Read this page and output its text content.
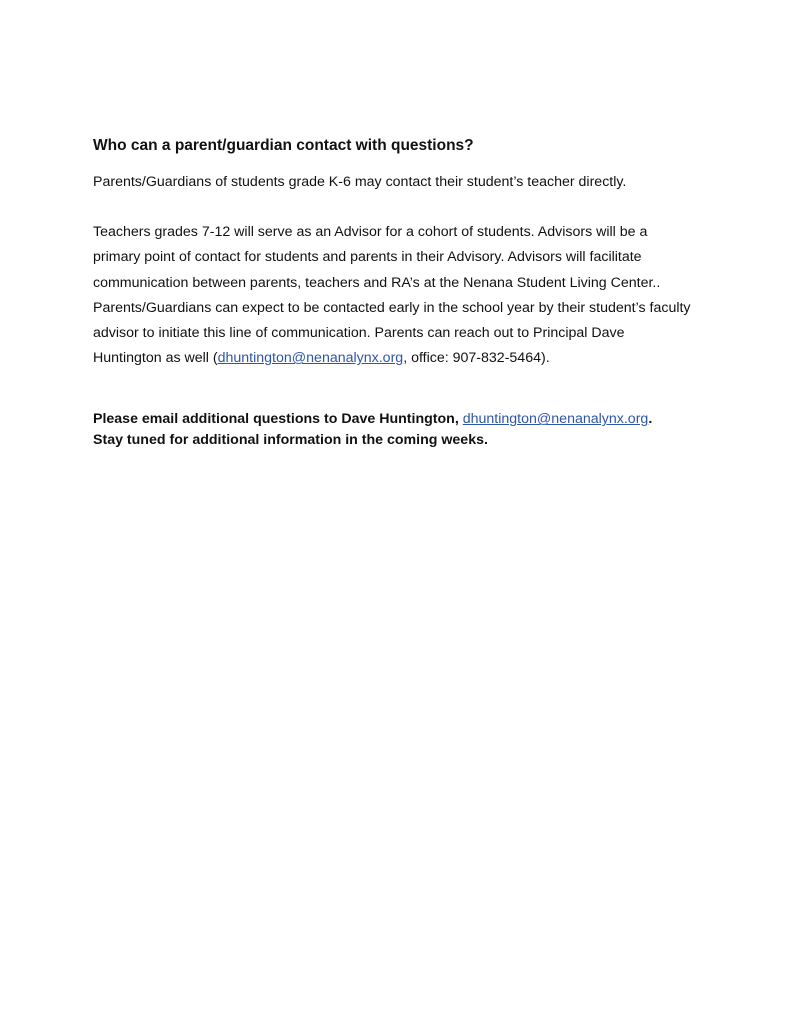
Who can a parent/guardian contact with questions?

Parents/Guardians of students grade K-6 may contact their student’s teacher directly.

Teachers grades 7-12 will serve as an Advisor for a cohort of students. Advisors will be a
primary point of contact for students and parents in their Advisory. Advisors will facilitate
communication between parents, teachers and RA’s at the Nenana Student Living Center..
Parents/Guardians can expect to be contacted early in the school year by their student’s faculty
advisor to initiate this line of communication. Parents can reach out to Principal Dave
Huntington as well (dhuntington@nenanalynx.org, office: 907-832-5464).

Please email additional questions to Dave Huntington, dhuntington@nenanalynx.org.
Stay tuned for additional information in the coming weeks.
